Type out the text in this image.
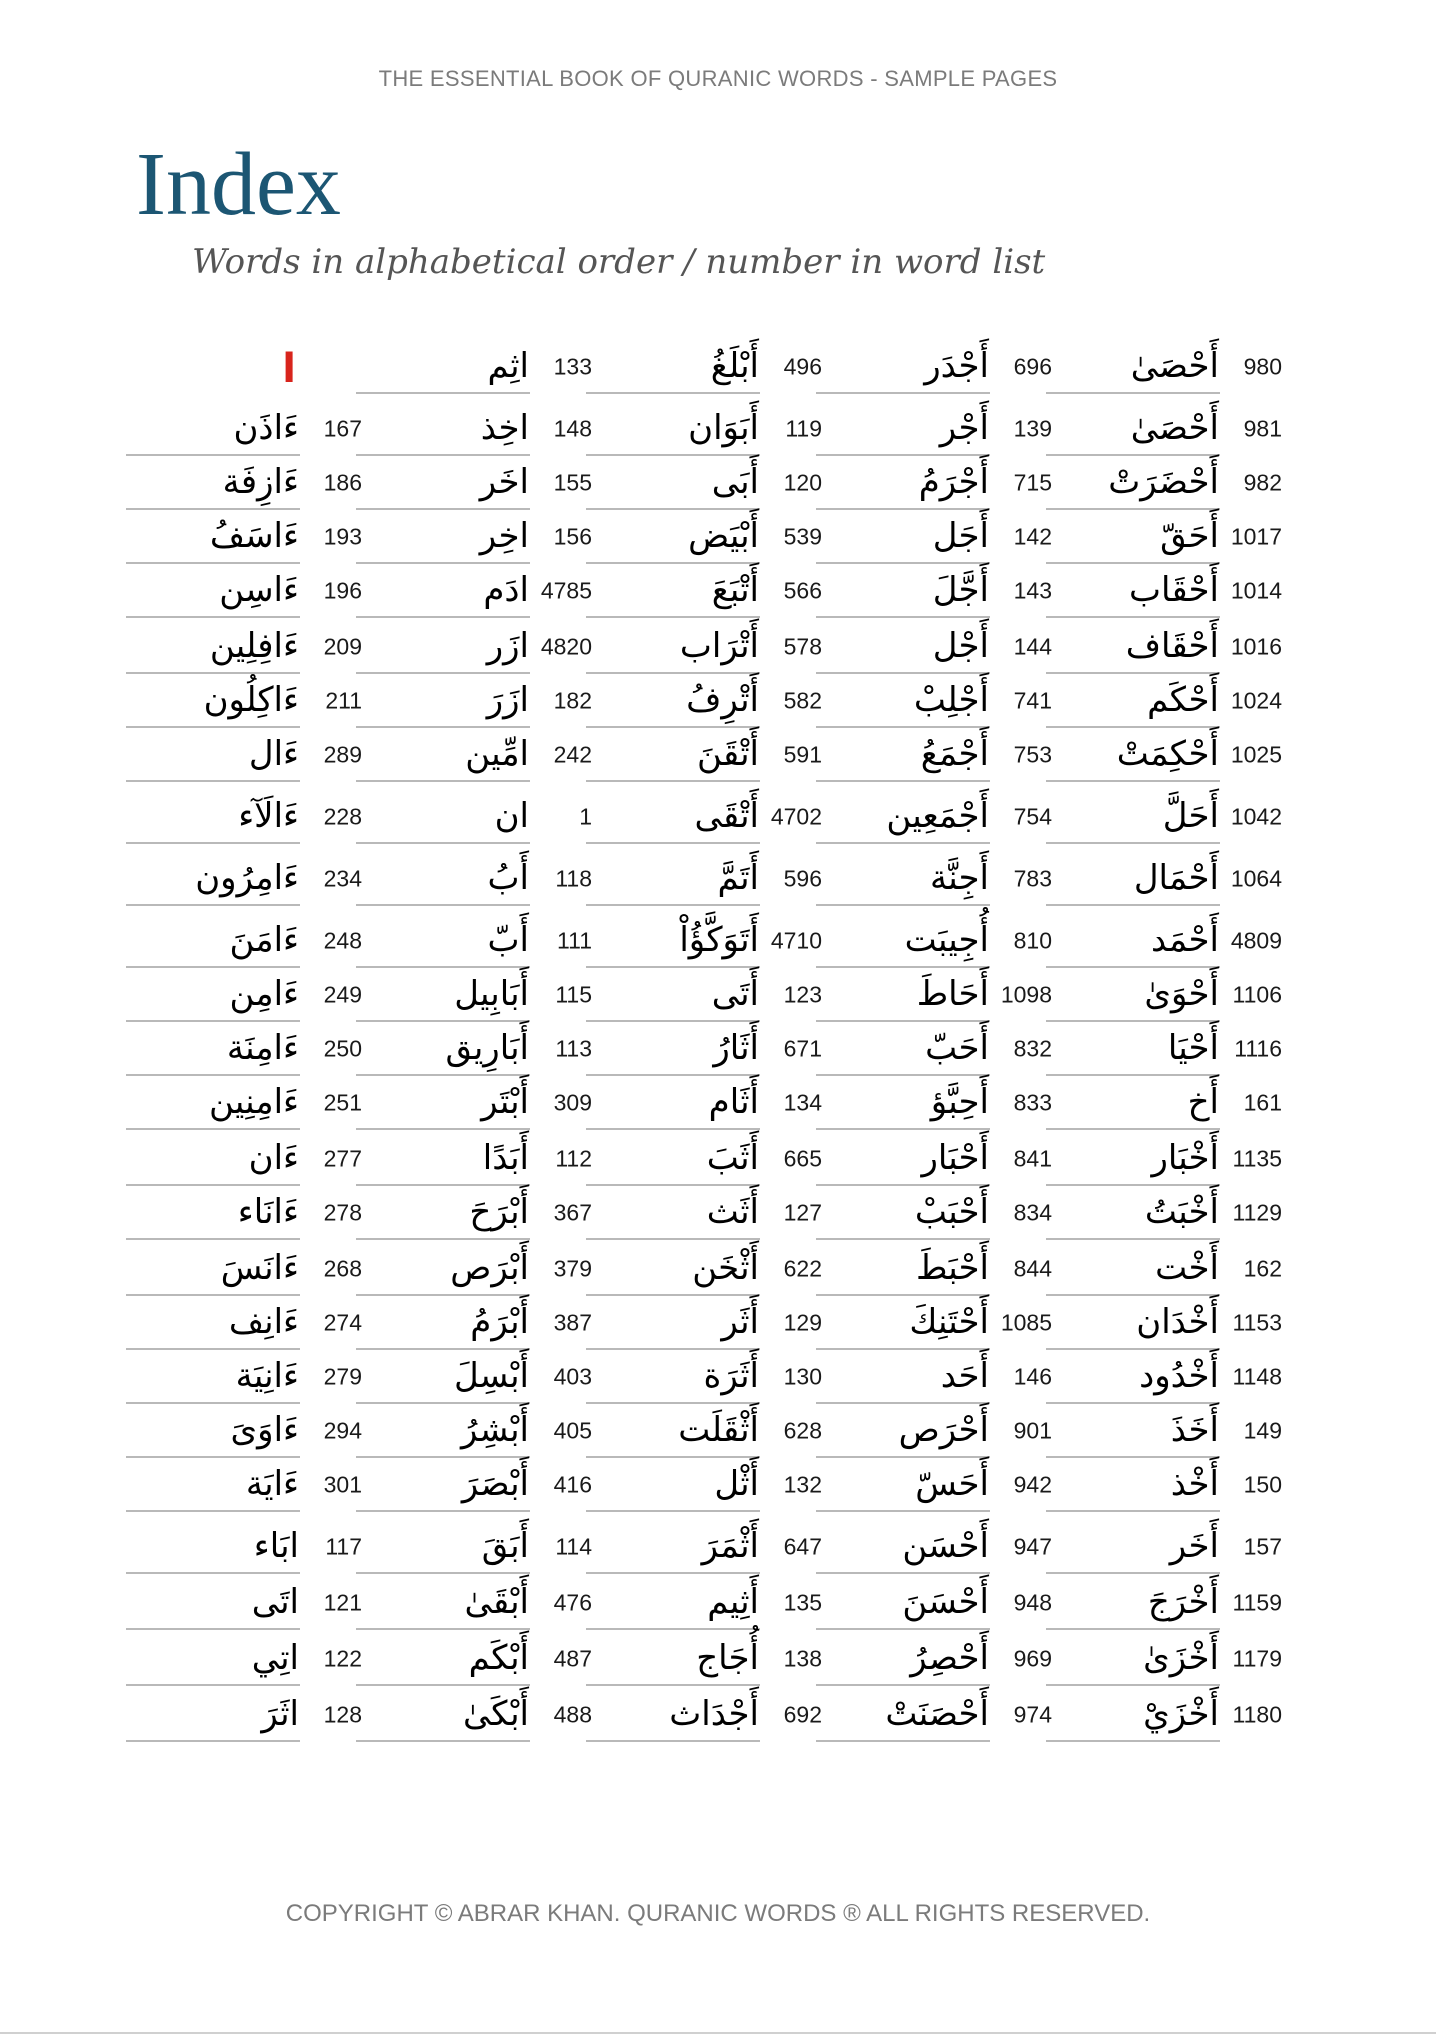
THE ESSENTIAL BOOK OF QURANIC WORDS - SAMPLE PAGES
Index
Words in alphabetical order / number in word list
ا
ءَاذَن 167
ءَازِفَة 186
ءَاسَفُ 193
ءَاسِن 196
ءَافِلِين 209
ءَاكِلُون 211
ءَال 289
ءَالَآء 228
ءَامِرُون 234
ءَامَنَ 248
ءَامِن 249
ءَامِنَة 250
ءَامِنِين 251
ءَان 277
ءَانَاء 278
ءَانَسَ 268
ءَانِف 274
ءَانِيَة 279
ءَاوَىَ 294
ءَايَة 301
ابَاء 117
اتَى 121
اتِي 122
اثَرَ 128
اثِم 133
اخِذ 148
اخَر 155
اخِر 156
ادَم 4785
ازَر 4820
ازَرَ 182
امِّين 242
ان 1
أَبُ 118
أَبّ 111
أَبَابِيل 115
أَبَارِيق 113
أَبْتَر 309
أَبَدًا 112
أَبْرَحَ 367
أَبْرَص 379
أَبْرَمُ 387
أَبْسِلَ 403
أَبْشِرُ 405
أَبْصَرَ 416
أَبَقَ 114
أَبْقَىٰ 476
أَبْكَم 487
أَبْكَىٰ 488
أَبْلَغُ 496
أَبَوَان 119
أَبَى 120
أَبْيَض 539
أَتْبَعَ 566
أَتْرَاب 578
أَتْرِفُ 582
أَتْقَنَ 591
أَتْقَى 4702
أَتَمَّ 596
أَتَوَكَّؤُاْ 4710
أَتَى 123
أَثَارُ 671
أَثَام 134
أَثَبَ 665
أَثَث 127
أَثْخَن 622
أَثَر 129
أَثَرَة 130
أَثْقَلَت 628
أَثْل 132
أَثْمَرَ 647
أَثِيم 135
أُجَاج 138
أَجْدَاث 692
أَجْدَر 696
أَجْر 139
أَجْرَمُ 715
أَجَل 142
أَجَّلَ 143
أَجْل 144
أَجْلِبْ 741
أَجْمَعُ 753
أَجْمَعِين 754
أَجِنَّة 783
أُجِيبَت 810
أَحَاطَ 1098
أَحَبّ 832
أَحِبَّؤ 833
أَحْبَار 841
أَحْبَبْ 834
أَحْبَطَ 844
أَحْتَنِكَ 1085
أَحَد 146
أَحْرَص 901
أَحَسّ 942
أَحْسَن 947
أَحْسَنَ 948
أَحْصِرُ 969
أَحْصَنَتْ 974
أَحْصَىٰ 980
أَحْصَىٰ 981
أَحْضَرَتْ 982
أَحَقّ 1017
أَحْقَاب 1014
أَحْقَاف 1016
أَحْكَم 1024
أَحْكِمَتْ 1025
أَحَلَّ 1042
أَحْمَال 1064
أَحْمَد 4809
أَحْوَىٰ 1106
أَحْيَا 1116
أَخ 161
أَخْبَار 1135
أَخْبَتُ 1129
أَخْت 162
أَخْدَان 1153
أَخْدُود 1148
أَخَذَ 149
أَخْذ 150
أَخَر 157
أَخْرَجَ 1159
أَخْزَىٰ 1179
أَخْزَيْ 1180
COPYRIGHT © ABRAR KHAN. QURANIC WORDS ® ALL RIGHTS RESERVED.
